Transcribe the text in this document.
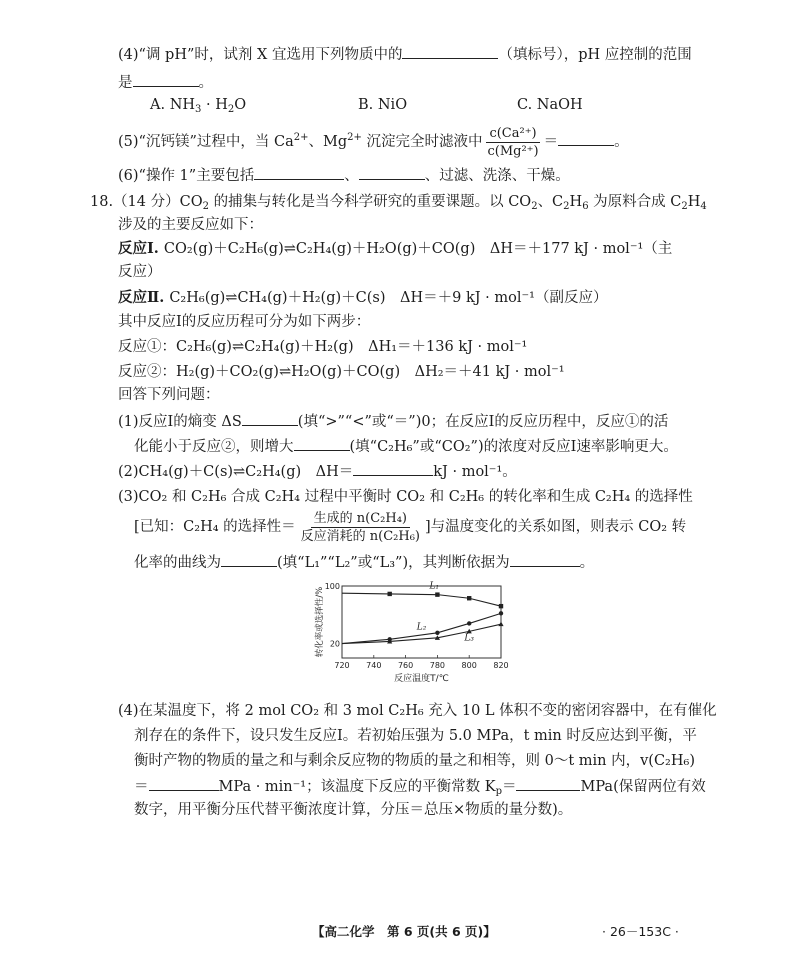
(4)“调 pH”时，试剂 X 宜选用下列物质中的	（填标号），pH 应控制的范围
是	。
A. $NH_3 \cdot H_2O$	B. NiO	C. NaOH
(5)“沉钙镁”过程中，当 $Ca^{2+}$、$Mg^{2+}$ 沉淀完全时滤液中 $\frac{\text{c(Ca²⁺)}}{\text{c(Mg²⁺)}}$ ＝	。
(6)“操作 1”主要包括	、	、过滤、洗涤、干燥。
18.（14 分）$CO_2$ 的捕集与转化是当今科学研究的重要课题。以 $CO_2$、$C_2H_6$ 为原料合成 $C_2H_4$
涉及的主要反应如下：
反应Ⅰ. CO₂(g)＋C₂H₆(g)⇌C₂H₄(g)＋H₂O(g)＋CO(g)　ΔH＝＋177 kJ · mol⁻¹（主
反应）
反应Ⅱ. C₂H₆(g)⇌CH₄(g)＋H₂(g)＋C(s)　ΔH＝＋9 kJ · mol⁻¹（副反应）
其中反应Ⅰ的反应历程可分为如下两步：
反应①：C₂H₆(g)⇌C₂H₄(g)＋H₂(g)　ΔH₁＝＋136 kJ · mol⁻¹
反应②：H₂(g)＋CO₂(g)⇌H₂O(g)＋CO(g)　ΔH₂＝＋41 kJ · mol⁻¹
回答下列问题：
(1)反应Ⅰ的熵变 ΔS	(填“>”“<”或“＝”)0；在反应Ⅰ的反应历程中，反应①的活
化能小于反应②，则增大	(填“C₂H₆”或“CO₂”)的浓度对反应Ⅰ速率影响更大。
(2)CH₄(g)＋C(s)⇌C₂H₄(g)　ΔH＝	kJ · mol⁻¹。
(3)CO₂ 和 C₂H₆ 合成 C₂H₄ 过程中平衡时 CO₂ 和 C₂H₆ 的转化率和生成 C₂H₄ 的选择性
[已知：C₂H₄ 的选择性＝ $\frac{\text{生成的 n(C₂H₄)}}{\text{反应消耗的 n(C₂H₆)}}$ ]与温度变化的关系如图，则表示 CO₂ 转
化率的曲线为	(填“L₁”“L₂”或“L₃”)，其判断依据为	。
720 740 760 780 800 820
20
100
反应温度T/℃
转化率或选择性/%
L₁
L₂
L₃
(4)在某温度下，将 2 mol CO₂ 和 3 mol C₂H₆ 充入 10 L 体积不变的密闭容器中，在有催化
剂存在的条件下，设只发生反应Ⅰ。若初始压强为 5.0 MPa，t min 时反应达到平衡，平
衡时产物的物质的量之和与剩余反应物的物质的量之和相等，则 0～t min 内，v(C₂H₆)
＝	MPa · min⁻¹；该温度下反应的平衡常数 $K_p=$	MPa(保留两位有效
数字，用平衡分压代替平衡浓度计算，分压＝总压×物质的量分数)。
【高二化学　第 6 页(共 6 页)】	· 26－153C ·
